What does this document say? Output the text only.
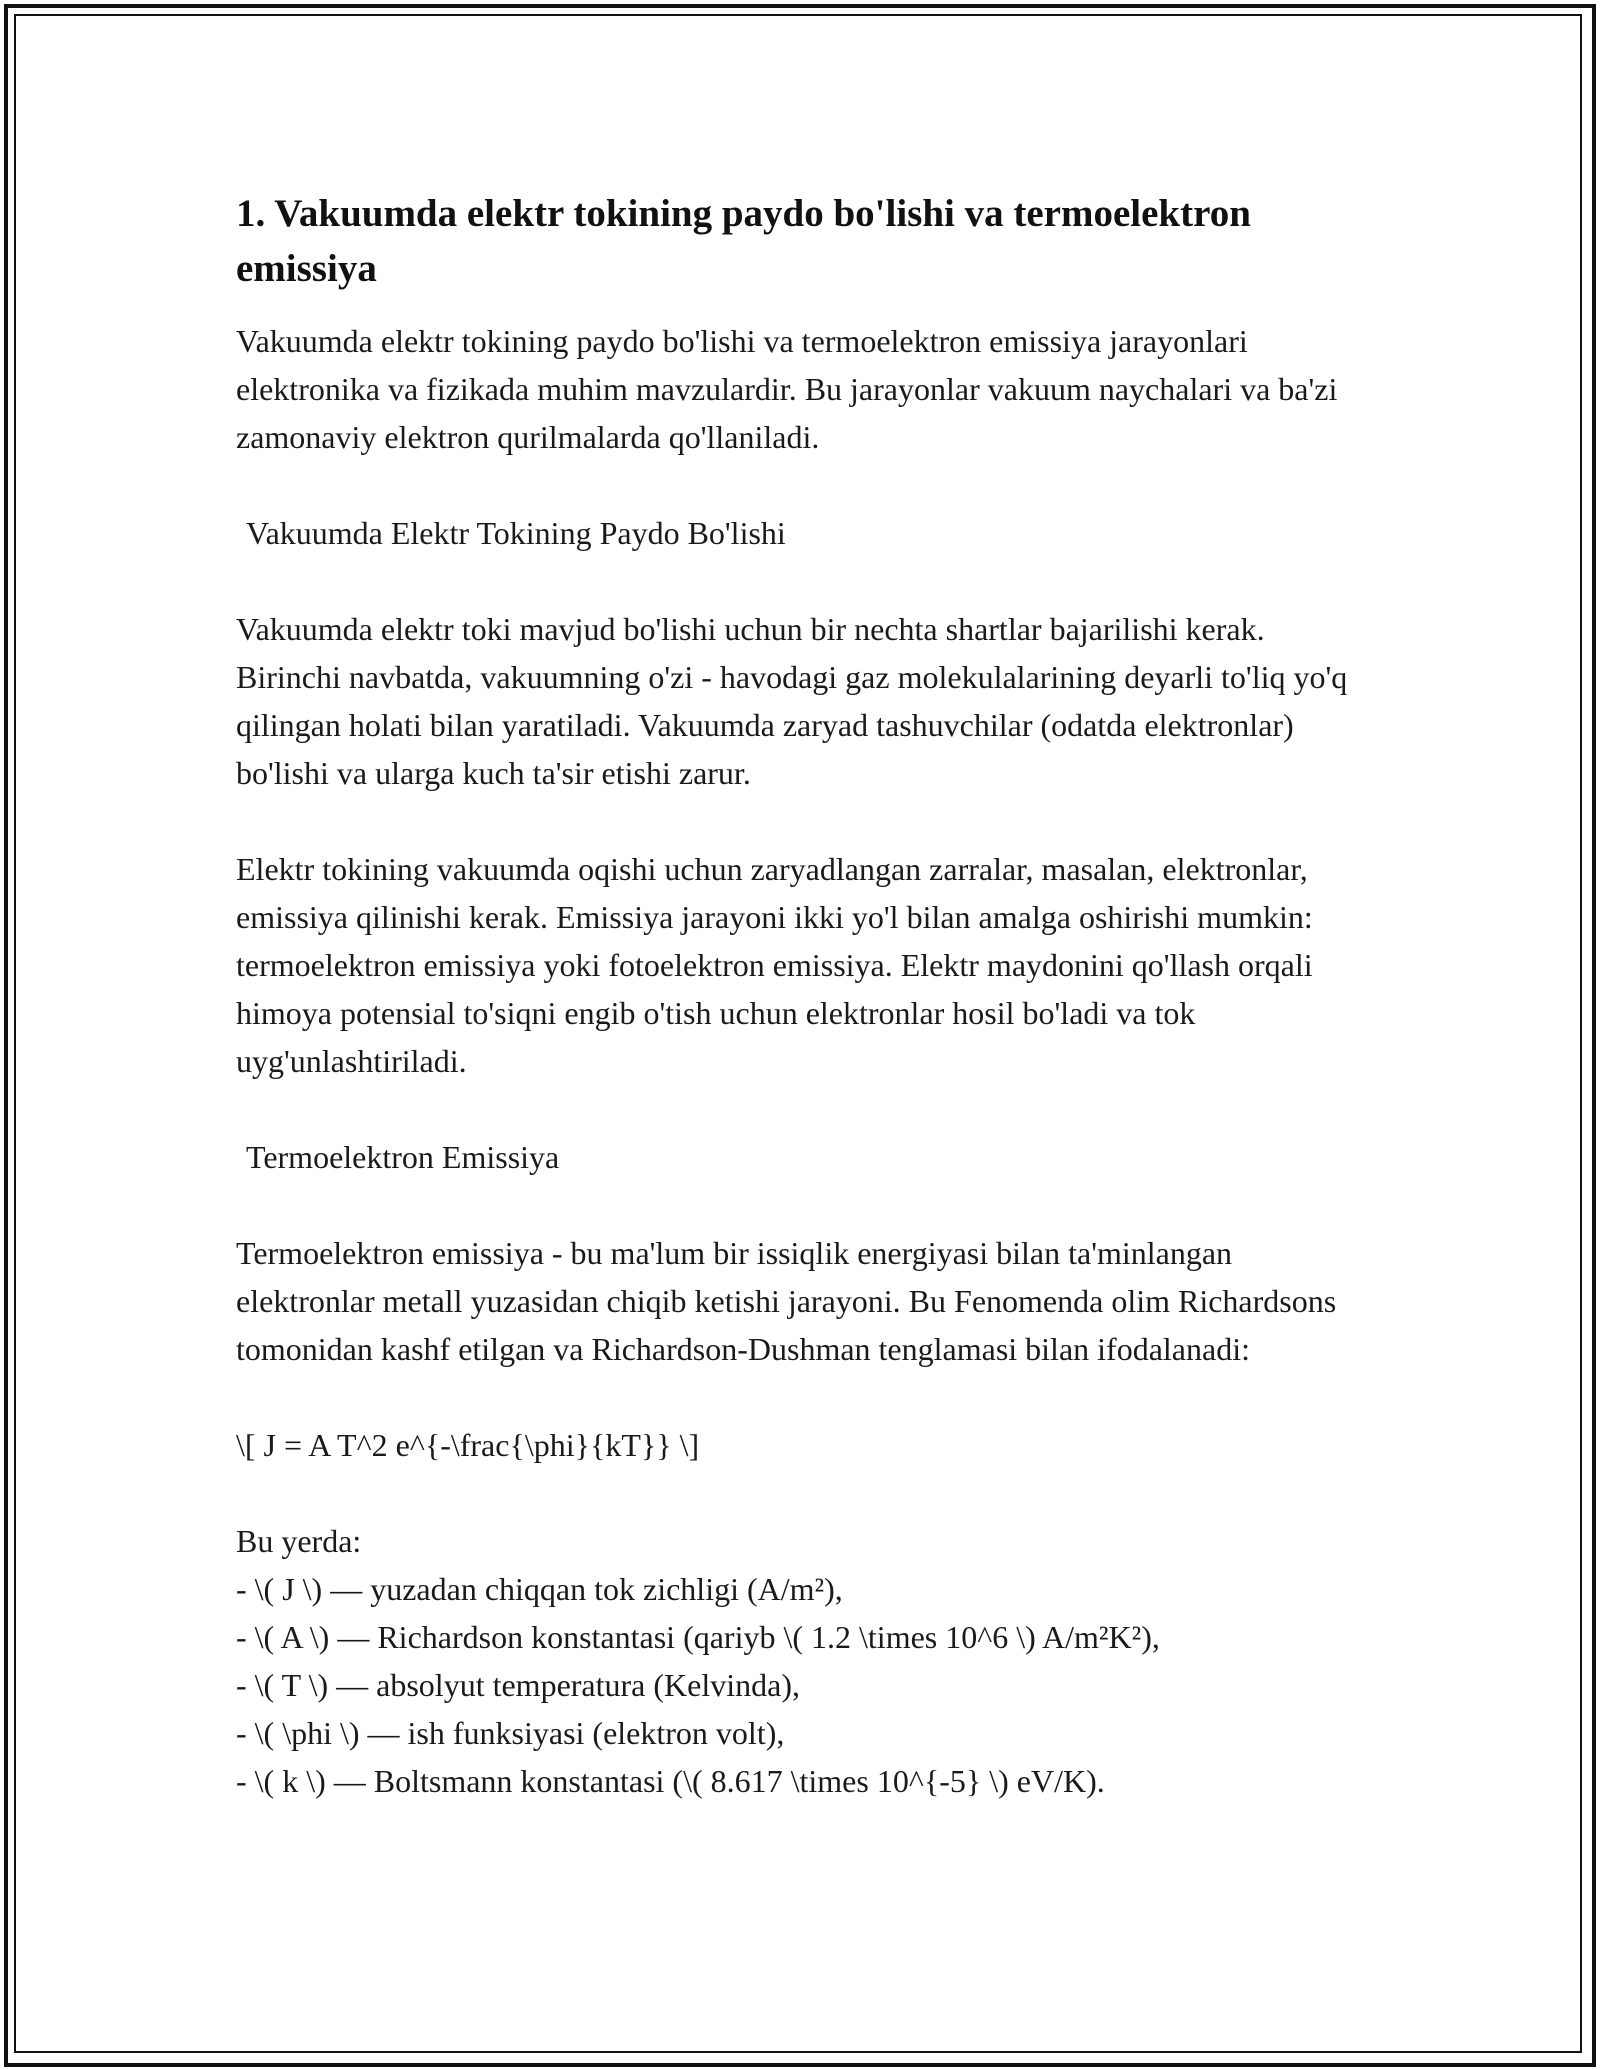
1. Vakuumda elektr tokining paydo bo'lishi va termoelektron emissiya

Vakuumda elektr tokining paydo bo'lishi va termoelektron emissiya jarayonlari elektronika va fizikada muhim mavzulardir. Bu jarayonlar vakuum naychalari va ba'zi zamonaviy elektron qurilmalarda qo'llaniladi.

Vakuumda Elektr Tokining Paydo Bo'lishi

Vakuumda elektr toki mavjud bo'lishi uchun bir nechta shartlar bajarilishi kerak. Birinchi navbatda, vakuumning o'zi - havodagi gaz molekulalarining deyarli to'liq yo'q qilingan holati bilan yaratiladi. Vakuumda zaryad tashuvchilar (odatda elektronlar) bo'lishi va ularga kuch ta'sir etishi zarur.

Elektr tokining vakuumda oqishi uchun zaryadlangan zarralar, masalan, elektronlar, emissiya qilinishi kerak. Emissiya jarayoni ikki yo'l bilan amalga oshirishi mumkin: termoelektron emissiya yoki fotoelektron emissiya. Elektr maydonini qo'llash orqali himoya potensial to'siqni engib o'tish uchun elektronlar hosil bo'ladi va tok uyg'unlashtiriladi.

Termoelektron Emissiya

Termoelektron emissiya - bu ma'lum bir issiqlik energiyasi bilan ta'minlangan elektronlar metall yuzasidan chiqib ketishi jarayoni. Bu Fenomenda olim Richardsons tomonidan kashf etilgan va Richardson-Dushman tenglamasi bilan ifodalanadi:

\[ J = A T^2 e^{-\frac{\phi}{kT}} \]

Bu yerda:
- \( J \) — yuzadan chiqqan tok zichligi (A/m²),
- \( A \) — Richardson konstantasi (qariyb \( 1.2 \times 10^6 \) A/m²K²),
- \( T \) — absolyut temperatura (Kelvinda),
- \( \phi \) — ish funksiyasi (elektron volt),
- \( k \) — Boltsmann konstantasi (\( 8.617 \times 10^{-5} \) eV/K).
